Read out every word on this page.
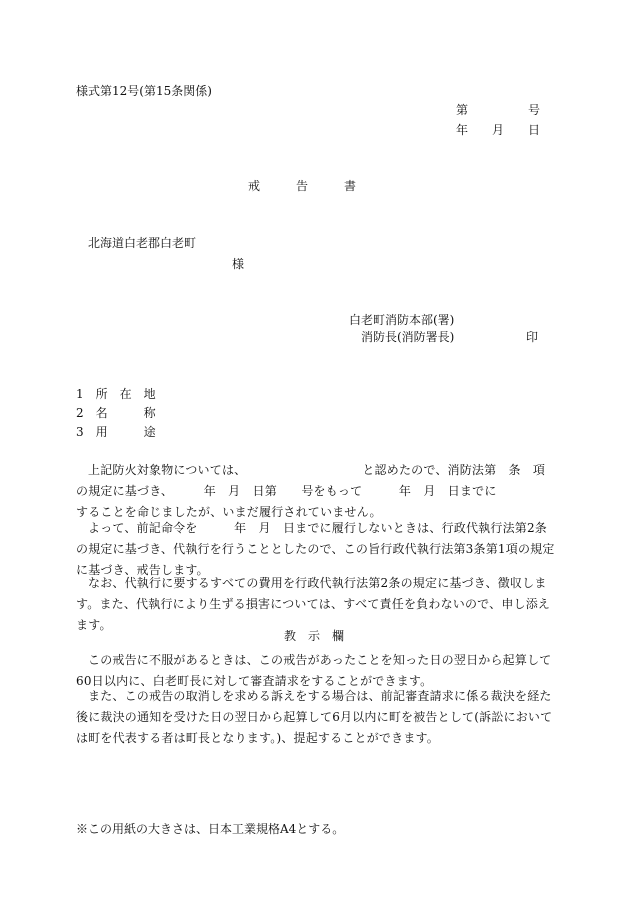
様式第12号(第15条関係)
第　　　　　号
年　　月　　日
戒　　　告　　　書
北海道白老郡白老町
様
白老町消防本部(署)
消防長(消防署長)	印
1　所　在　地
2　名　　　称
3　用　　　途
上記防火対象物については、　　　　　　　　　　と認めたので、消防法第　条　項の規定に基づき、　　　年　月　日第　　号をもって　　　年　月　日までに　　　　　することを命じましたが、いまだ履行されていません。
よって、前記命令を　　　年　月　日までに履行しないときは、行政代執行法第2条の規定に基づき、代執行を行うこととしたので、この旨行政代執行法第3条第1項の規定に基づき、戒告します。
なお、代執行に要するすべての費用を行政代執行法第2条の規定に基づき、徴収します。また、代執行により生ずる損害については、すべて責任を負わないので、申し添えます。
教　示　欄
この戒告に不服があるときは、この戒告があったことを知った日の翌日から起算して60日以内に、白老町長に対して審査請求をすることができます。
また、この戒告の取消しを求める訴えをする場合は、前記審査請求に係る裁決を経た後に裁決の通知を受けた日の翌日から起算して6月以内に町を被告として(訴訟においては町を代表する者は町長となります。)、提起することができます。
※この用紙の大きさは、日本工業規格A4とする。
